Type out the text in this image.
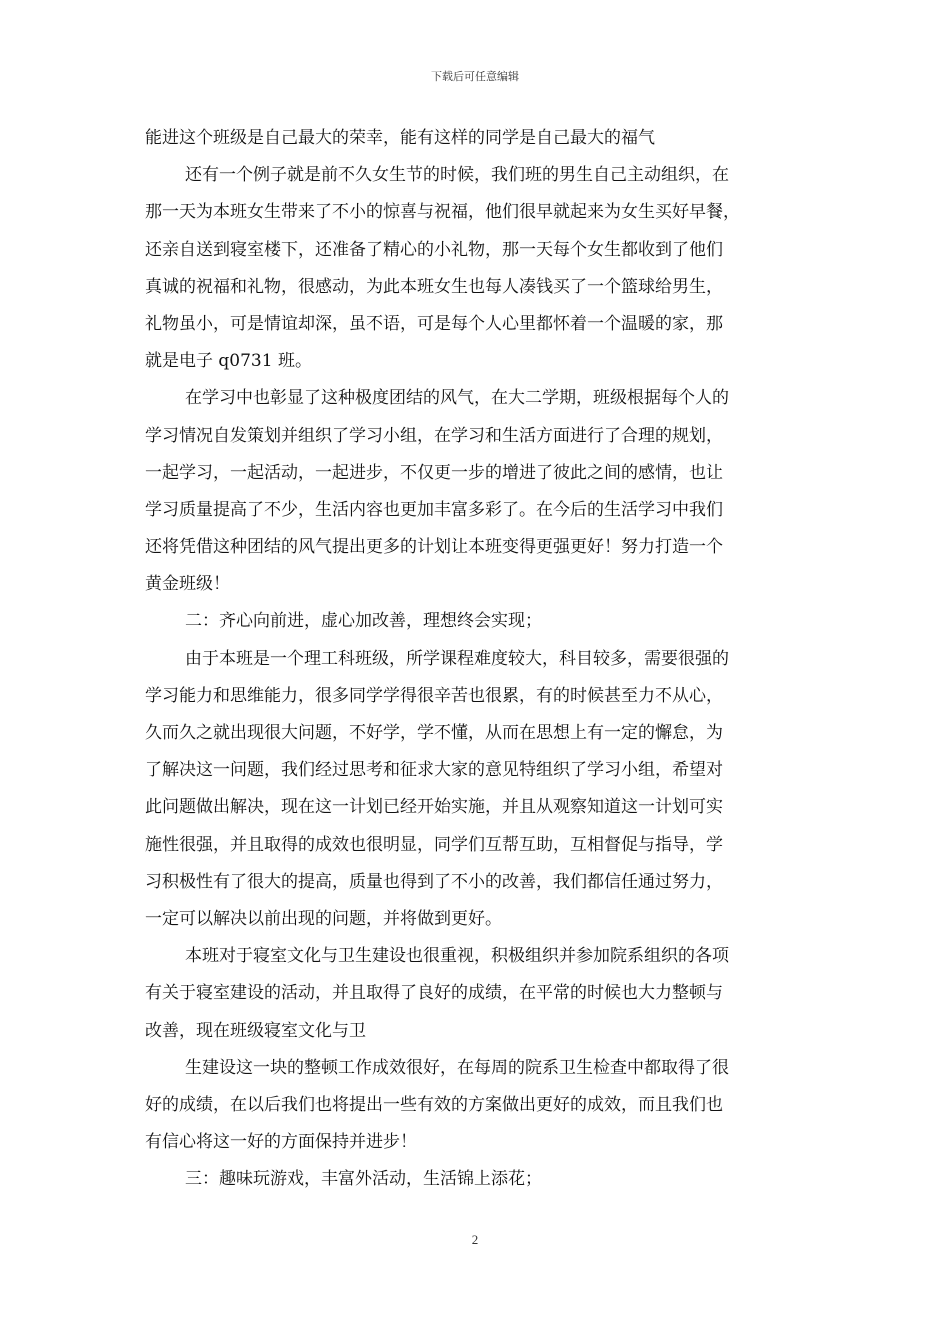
下载后可任意编辑
能进这个班级是自己最大的荣幸，能有这样的同学是自己最大的福气
还有一个例子就是前不久女生节的时候，我们班的男生自己主动组织，在
那一天为本班女生带来了不小的惊喜与祝福，他们很早就起来为女生买好早餐，
还亲自送到寝室楼下，还准备了精心的小礼物，那一天每个女生都收到了他们
真诚的祝福和礼物，很感动，为此本班女生也每人凑钱买了一个篮球给男生，
礼物虽小，可是情谊却深，虽不语，可是每个人心里都怀着一个温暖的家，那
就是电子 q0731 班。
在学习中也彰显了这种极度团结的风气，在大二学期，班级根据每个人的
学习情况自发策划并组织了学习小组，在学习和生活方面进行了合理的规划，
一起学习，一起活动，一起进步，不仅更一步的增进了彼此之间的感情，也让
学习质量提高了不少，生活内容也更加丰富多彩了。在今后的生活学习中我们
还将凭借这种团结的风气提出更多的计划让本班变得更强更好！努力打造一个
黄金班级！
二：齐心向前进，虚心加改善，理想终会实现；
由于本班是一个理工科班级，所学课程难度较大，科目较多，需要很强的
学习能力和思维能力，很多同学学得很辛苦也很累，有的时候甚至力不从心，
久而久之就出现很大问题，不好学，学不懂，从而在思想上有一定的懈怠，为
了解决这一问题，我们经过思考和征求大家的意见特组织了学习小组，希望对
此问题做出解决，现在这一计划已经开始实施，并且从观察知道这一计划可实
施性很强，并且取得的成效也很明显，同学们互帮互助，互相督促与指导，学
习积极性有了很大的提高，质量也得到了不小的改善，我们都信任通过努力，
一定可以解决以前出现的问题，并将做到更好。
本班对于寝室文化与卫生建设也很重视，积极组织并参加院系组织的各项
有关于寝室建设的活动，并且取得了良好的成绩，在平常的时候也大力整顿与
改善，现在班级寝室文化与卫
生建设这一块的整顿工作成效很好，在每周的院系卫生检查中都取得了很
好的成绩，在以后我们也将提出一些有效的方案做出更好的成效，而且我们也
有信心将这一好的方面保持并进步！
三：趣味玩游戏，丰富外活动，生活锦上添花；
2
